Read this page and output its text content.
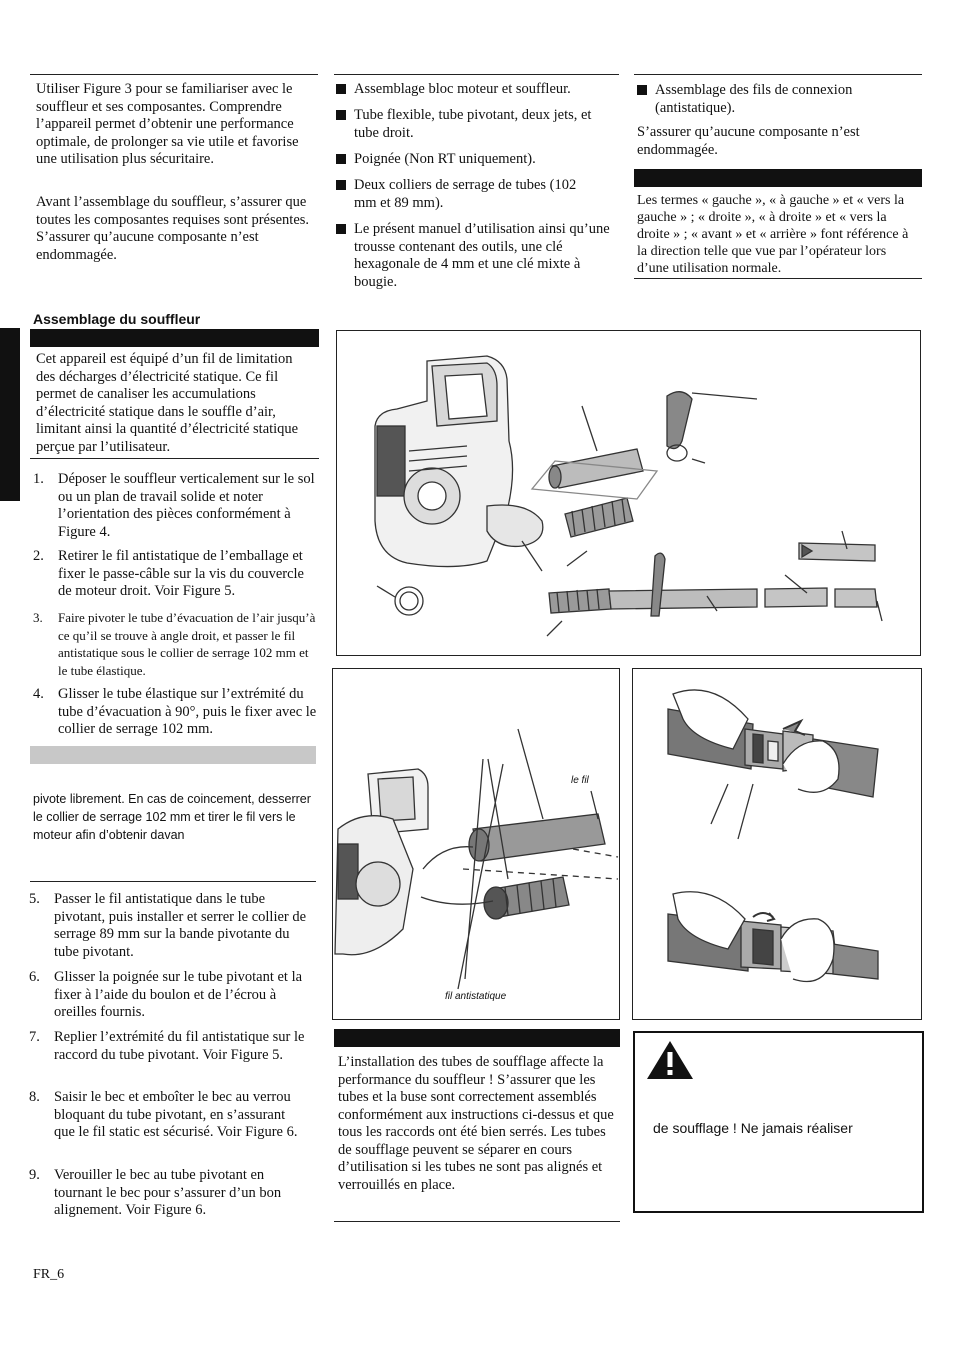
Utiliser Figure 3 pour se familiariser avec le souffleur et ses composantes. Comprendre l’appareil permet d’obtenir une performance optimale, de prolonger sa vie utile et favorise une utilisation plus sécuritaire.

Avant l’assemblage du souffleur, s’assurer que toutes les composantes requises sont présentes. S’assurer qu’aucune composante n’est endommagée.

Assemblage bloc moteur et souffleur.
Tube flexible, tube pivotant, deux jets, et tube droit.
Poignée (Non RT uniquement).
Deux colliers de serrage de tubes (102 mm et 89 mm).
Le présent manuel d’utilisation ainsi qu’une trousse contenant des outils, une clé hexagonale de 4 mm et une clé mixte à bougie.
Assemblage des fils de connexion (antistatique).

S’assurer qu’aucune composante n’est endommagée.

Les termes « gauche », « à gauche » et « vers la gauche » ; « droite », « à droite » et « vers la droite » ; « avant » et « arrière » font référence à la direction telle que vue par l’opérateur lors d’une utilisation normale.

Assemblage du souffleur

Cet appareil est équipé d’un fil de limitation des décharges d’électricité statique. Ce fil permet de canaliser les accumulations d’électricité statique dans le souffle d’air, limitant ainsi la quantité d’électricité statique perçue par l’utilisateur.

1. Déposer le souffleur verticalement sur le sol ou un plan de travail solide et noter l’orientation des pièces conformément à Figure 4.
2. Retirer le fil antistatique de l’emballage et fixer le passe-câble sur la vis du couvercle de moteur droit. Voir Figure 5.
3. Faire pivoter le tube d’évacuation de l’air jusqu’à ce qu’il se trouve à angle droit, et passer le fil antistatique sous le collier de serrage 102 mm et le tube élastique.
4. Glisser le tube élastique sur l’extrémité du tube d’évacuation à 90°, puis le fixer avec le collier de serrage 102 mm.

pivote librement. En cas de coincement, desserrer le collier de serrage 102 mm et tirer le fil vers le moteur afin d’obtenir davan

5. Passer le fil antistatique dans le tube pivotant, puis installer et serrer le collier de serrage 89 mm sur la bande pivotante du tube pivotant.
6. Glisser la poignée sur le tube pivotant et la fixer à l’aide du boulon et de l’écrou à oreilles fournis.
7. Replier l’extrémité du fil antistatique sur le raccord du tube pivotant. Voir Figure 5.
8. Saisir le bec et emboîter le bec au verrou bloquant du tube pivotant, en s’assurant que le fil static est sécurisé. Voir Figure 6.
9. Verouiller le bec au tube pivotant en tournant le bec pour s’assurer d’un bon alignement. Voir Figure 6.
le fil
fil antistatique

L’installation des tubes de soufflage affecte la performance du souffleur ! S’assurer que les tubes et la buse sont correctement assemblés conformément aux instructions ci-dessus et que tous les raccords ont été bien serrés. Les tubes de soufflage peuvent se séparer en cours d’utilisation si les tubes ne sont pas alignés et verrouillés en place.

de soufflage ! Ne jamais réaliser
FR_6
